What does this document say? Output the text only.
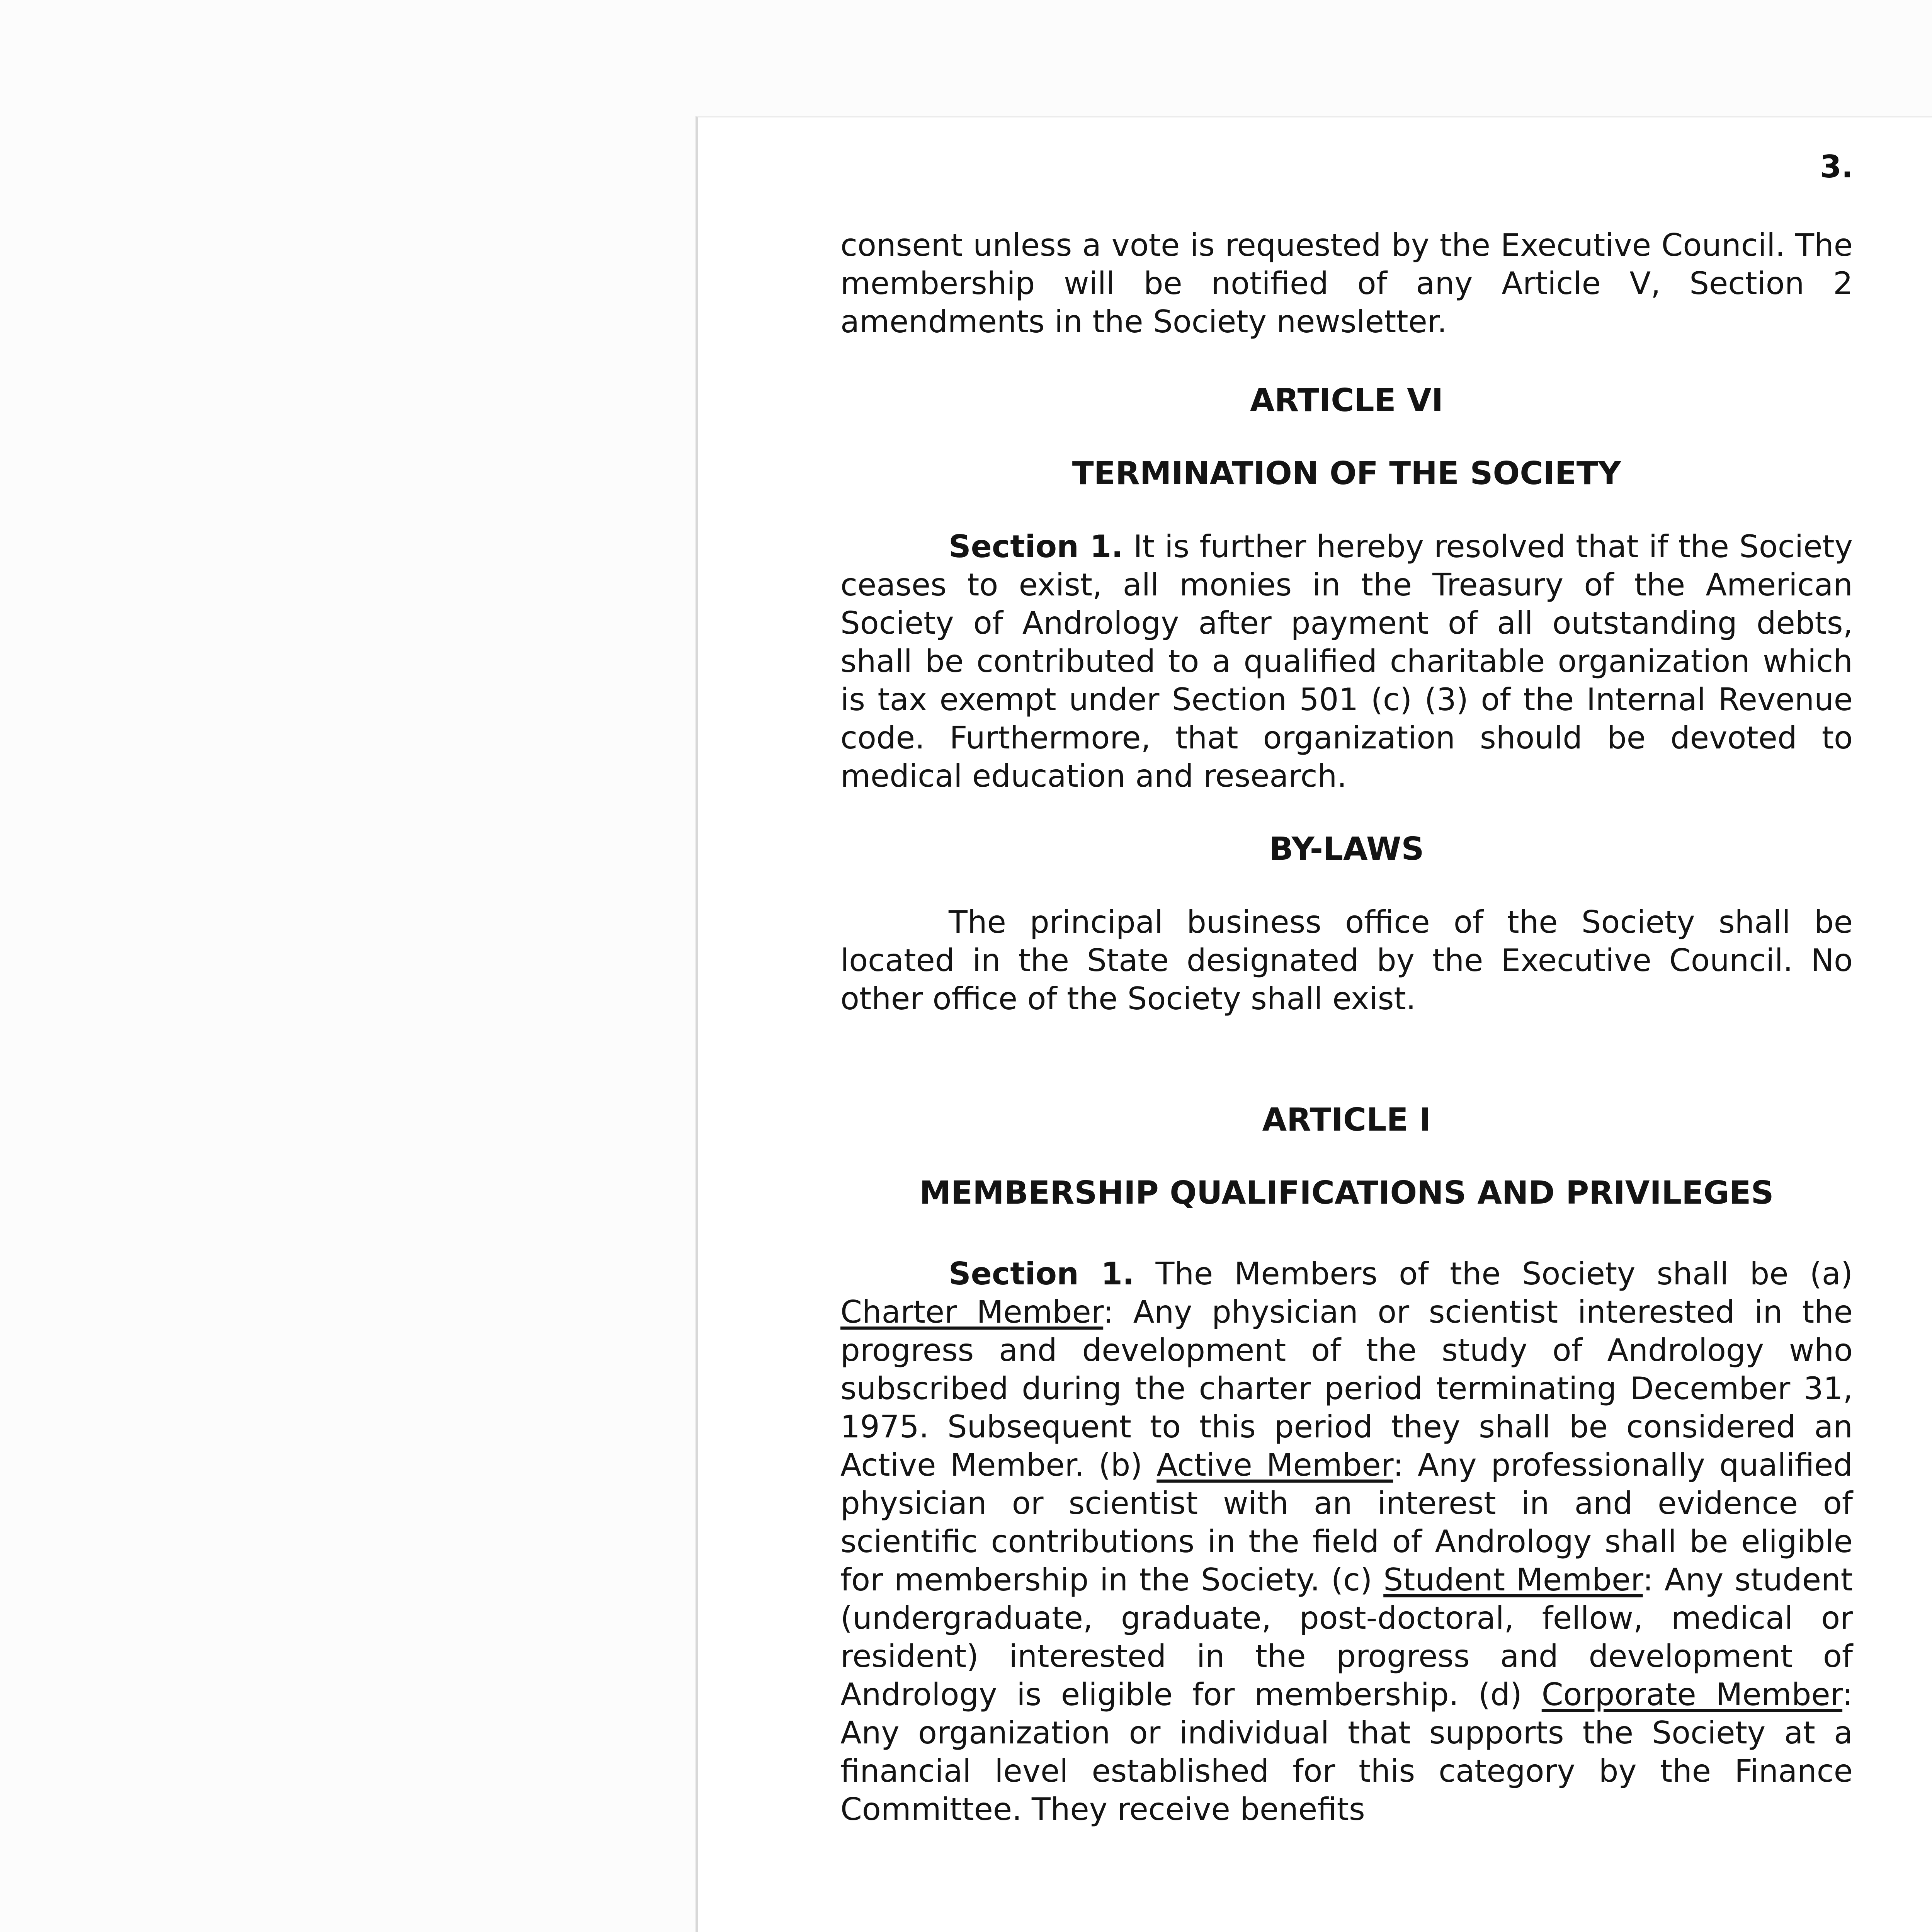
3.

consent unless a vote is requested by the Executive Council. The membership will be notified of any Article V, Section 2 amendments in the Society newsletter.

ARTICLE VI

TERMINATION OF THE SOCIETY

Section 1. It is further hereby resolved that if the Society ceases to exist, all monies in the Treasury of the American Society of Andrology after payment of all outstanding debts, shall be contributed to a qualified charitable organization which is tax exempt under Section 501 (c) (3) of the Internal Revenue code. Furthermore, that organization should be devoted to medical education and research.

BY-LAWS

The principal business office of the Society shall be located in the State designated by the Executive Council. No other office of the Society shall exist.

ARTICLE I

MEMBERSHIP QUALIFICATIONS AND PRIVILEGES

Section 1. The Members of the Society shall be (a) Charter Member: Any physician or scientist interested in the progress and development of the study of Andrology who subscribed during the charter period terminating December 31, 1975. Subsequent to this period they shall be considered an Active Member. (b) Active Member: Any professionally qualified physician or scientist with an interest in and evidence of scientific contributions in the field of Andrology shall be eligible for membership in the Society. (c) Student Member: Any student (undergraduate, graduate, post-doctoral, fellow, medical or resident) interested in the progress and development of Andrology is eligible for membership. (d) Corporate Member: Any organization or individual that supports the Society at a financial level established for this category by the Finance Committee. They receive benefits
